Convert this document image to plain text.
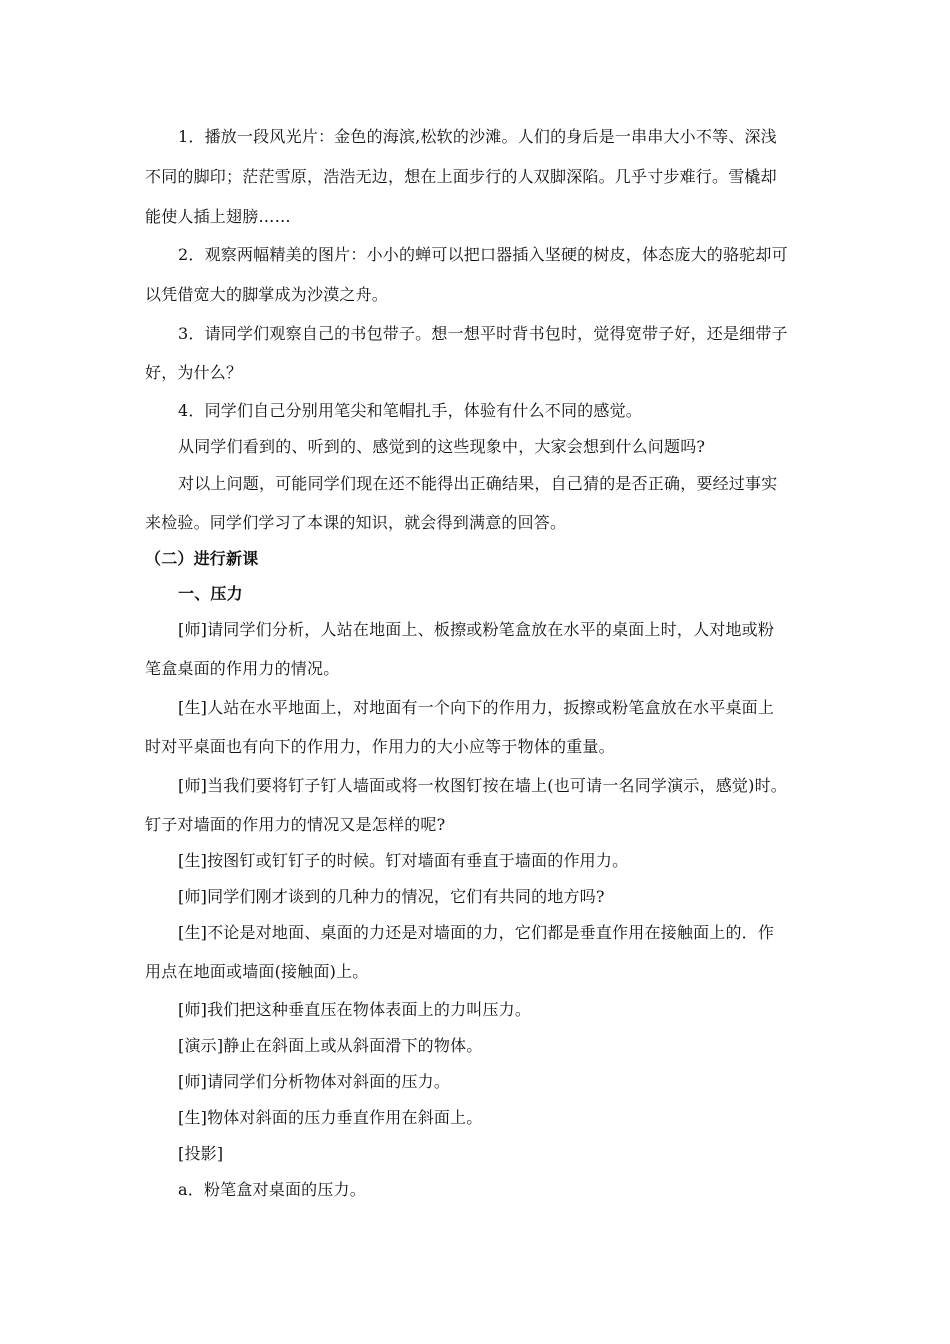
1．播放一段风光片：金色的海滨,松软的沙滩。人们的身后是一串串大小不等、深浅
不同的脚印；茫茫雪原，浩浩无边，想在上面步行的人双脚深陷。几乎寸步难行。雪橇却
能使人插上翅膀……
2．观察两幅精美的图片：小小的蝉可以把口器插入坚硬的树皮，体态庞大的骆驼却可
以凭借宽大的脚掌成为沙漠之舟。
3．请同学们观察自己的书包带子。想一想平时背书包时，觉得宽带子好，还是细带子
好，为什么？
4．同学们自己分别用笔尖和笔帽扎手，体验有什么不同的感觉。
从同学们看到的、听到的、感觉到的这些现象中，大家会想到什么问题吗?
对以上问题，可能同学们现在还不能得出正确结果，自己猜的是否正确，要经过事实
来检验。同学们学习了本课的知识，就会得到满意的回答。
（二）进行新课
一、压力
[师]请同学们分析，人站在地面上、板擦或粉笔盒放在水平的桌面上时，人对地或粉
笔盒桌面的作用力的情况。
[生]人站在水平地面上，对地面有一个向下的作用力，扳擦或粉笔盒放在水平桌面上
时对平桌面也有向下的作用力，作用力的大小应等于物体的重量。
[师]当我们要将钉子钉人墙面或将一枚图钉按在墙上(也可请一名同学演示，感觉)时。
钉子对墙面的作用力的情况又是怎样的呢?
[生]按图钉或钉钉子的时候。钉对墙面有垂直于墙面的作用力。
[师]同学们刚才谈到的几种力的情况，它们有共同的地方吗?
[生]不论是对地面、桌面的力还是对墙面的力，它们都是垂直作用在接触面上的．作
用点在地面或墙面(接触面)上。
[师]我们把这种垂直压在物体表面上的力叫压力。
[演示]静止在斜面上或从斜面滑下的物体。
[师]请同学们分析物体对斜面的压力。
[生]物体对斜面的压力垂直作用在斜面上。
[投影]
a．粉笔盒对桌面的压力。
